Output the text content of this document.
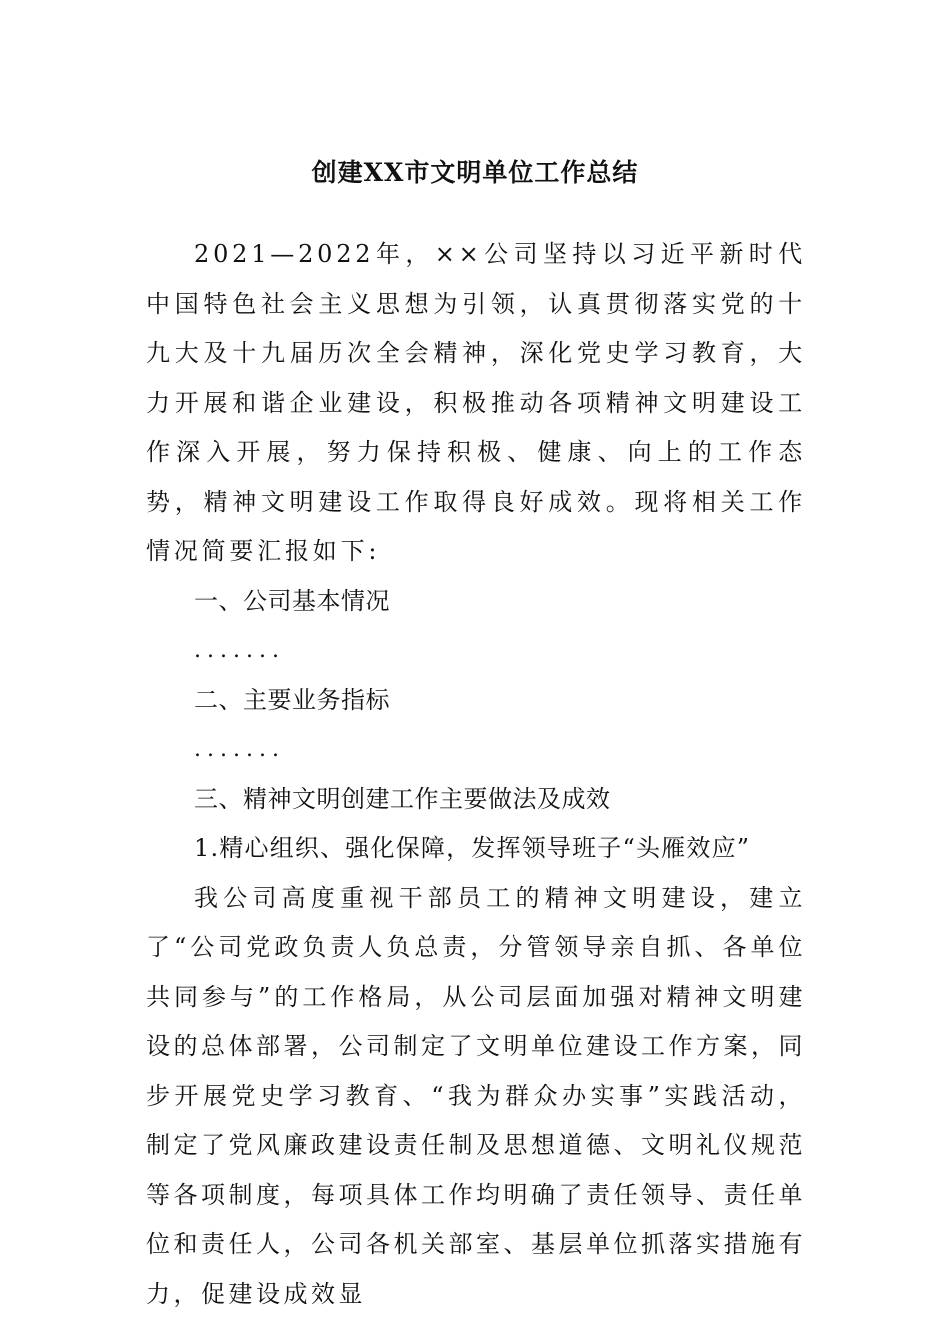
创建XX市文明单位工作总结

2021—2022年，××公司坚持以习近平新时代中国特色社会主义思想为引领，认真贯彻落实党的十九大及十九届历次全会精神，深化党史学习教育，大力开展和谐企业建设，积极推动各项精神文明建设工作深入开展，努力保持积极、健康、向上的工作态势，精神文明建设工作取得良好成效。现将相关工作情况简要汇报如下:

一、公司基本情况

.......

二、主要业务指标

.......

三、精神文明创建工作主要做法及成效

1.精心组织、强化保障，发挥领导班子“头雁效应”

我公司高度重视干部员工的精神文明建设，建立了“公司党政负责人负总责，分管领导亲自抓、各单位共同参与”的工作格局，从公司层面加强对精神文明建设的总体部署，公司制定了文明单位建设工作方案，同步开展党史学习教育、“我为群众办实事”实践活动，制定了党风廉政建设责任制及思想道德、文明礼仪规范等各项制度，每项具体工作均明确了责任领导、责任单位和责任人，公司各机关部室、基层单位抓落实措施有力，促建设成效显
